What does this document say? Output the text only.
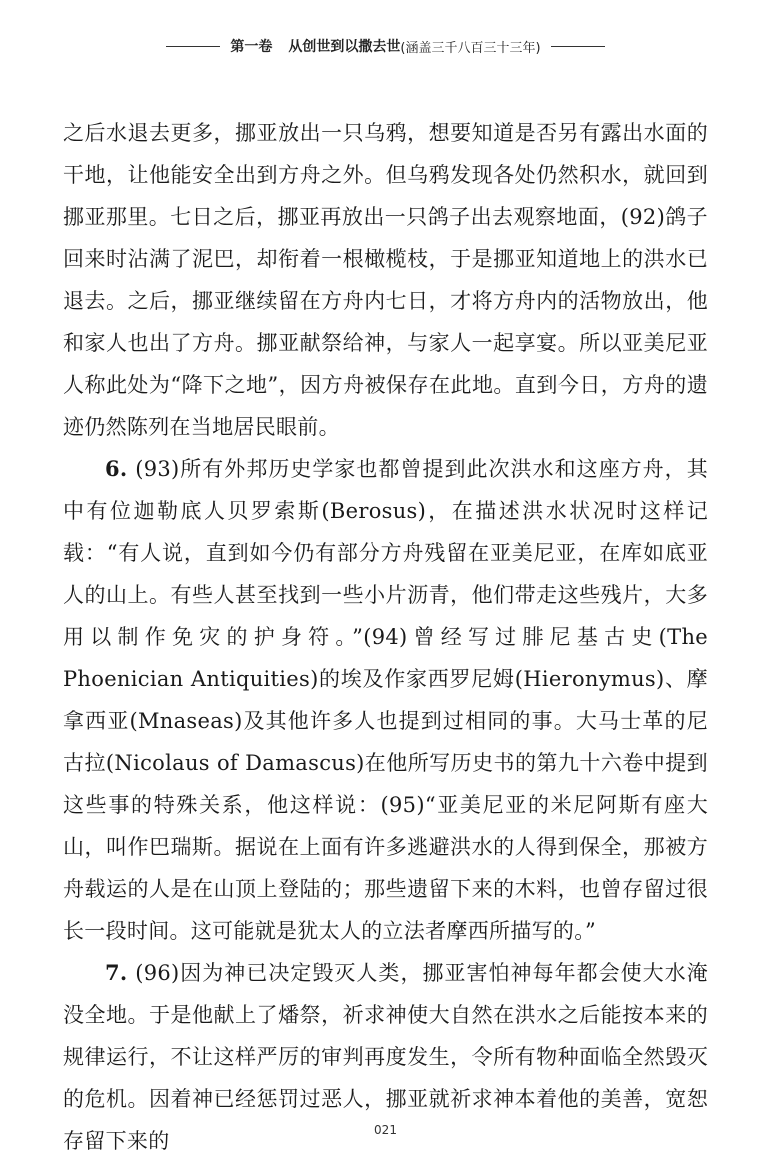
第一卷 从创世到以撒去世 (涵盖三千八百三十三年)

之后水退去更多，挪亚放出一只乌鸦，想要知道是否另有露出水面的干地，让他能安全出到方舟之外。但乌鸦发现各处仍然积水，就回到挪亚那里。七日之后，挪亚再放出一只鸽子出去观察地面，(92)鸽子回来时沾满了泥巴，却衔着一根橄榄枝，于是挪亚知道地上的洪水已退去。之后，挪亚继续留在方舟内七日，才将方舟内的活物放出，他和家人也出了方舟。挪亚献祭给神，与家人一起享宴。所以亚美尼亚人称此处为“降下之地”，因方舟被保存在此地。直到今日，方舟的遗迹仍然陈列在当地居民眼前。

6. (93)所有外邦历史学家也都曾提到此次洪水和这座方舟，其中有位迦勒底人贝罗索斯(Berosus)，在描述洪水状况时这样记载：“有人说，直到如今仍有部分方舟残留在亚美尼亚，在库如底亚人的山上。有些人甚至找到一些小片沥青，他们带走这些残片，大多用以制作免灾的护身符。”(94)曾经写过腓尼基古史(The Phoenician Antiquities)的埃及作家西罗尼姆(Hieronymus)、摩拿西亚(Mnaseas)及其他许多人也提到过相同的事。大马士革的尼古拉(Nicolaus of Damascus)在他所写历史书的第九十六卷中提到这些事的特殊关系，他这样说：(95)“亚美尼亚的米尼阿斯有座大山，叫作巴瑞斯。据说在上面有许多逃避洪水的人得到保全，那被方舟载运的人是在山顶上登陆的；那些遗留下来的木料，也曾存留过很长一段时间。这可能就是犹太人的立法者摩西所描写的。”

7. (96)因为神已决定毁灭人类，挪亚害怕神每年都会使大水淹没全地。于是他献上了燔祭，祈求神使大自然在洪水之后能按本来的规律运行，不让这样严厉的审判再度发生，令所有物种面临全然毁灭的危机。因着神已经惩罚过恶人，挪亚就祈求神本着他的美善，宽恕存留下来的	021
